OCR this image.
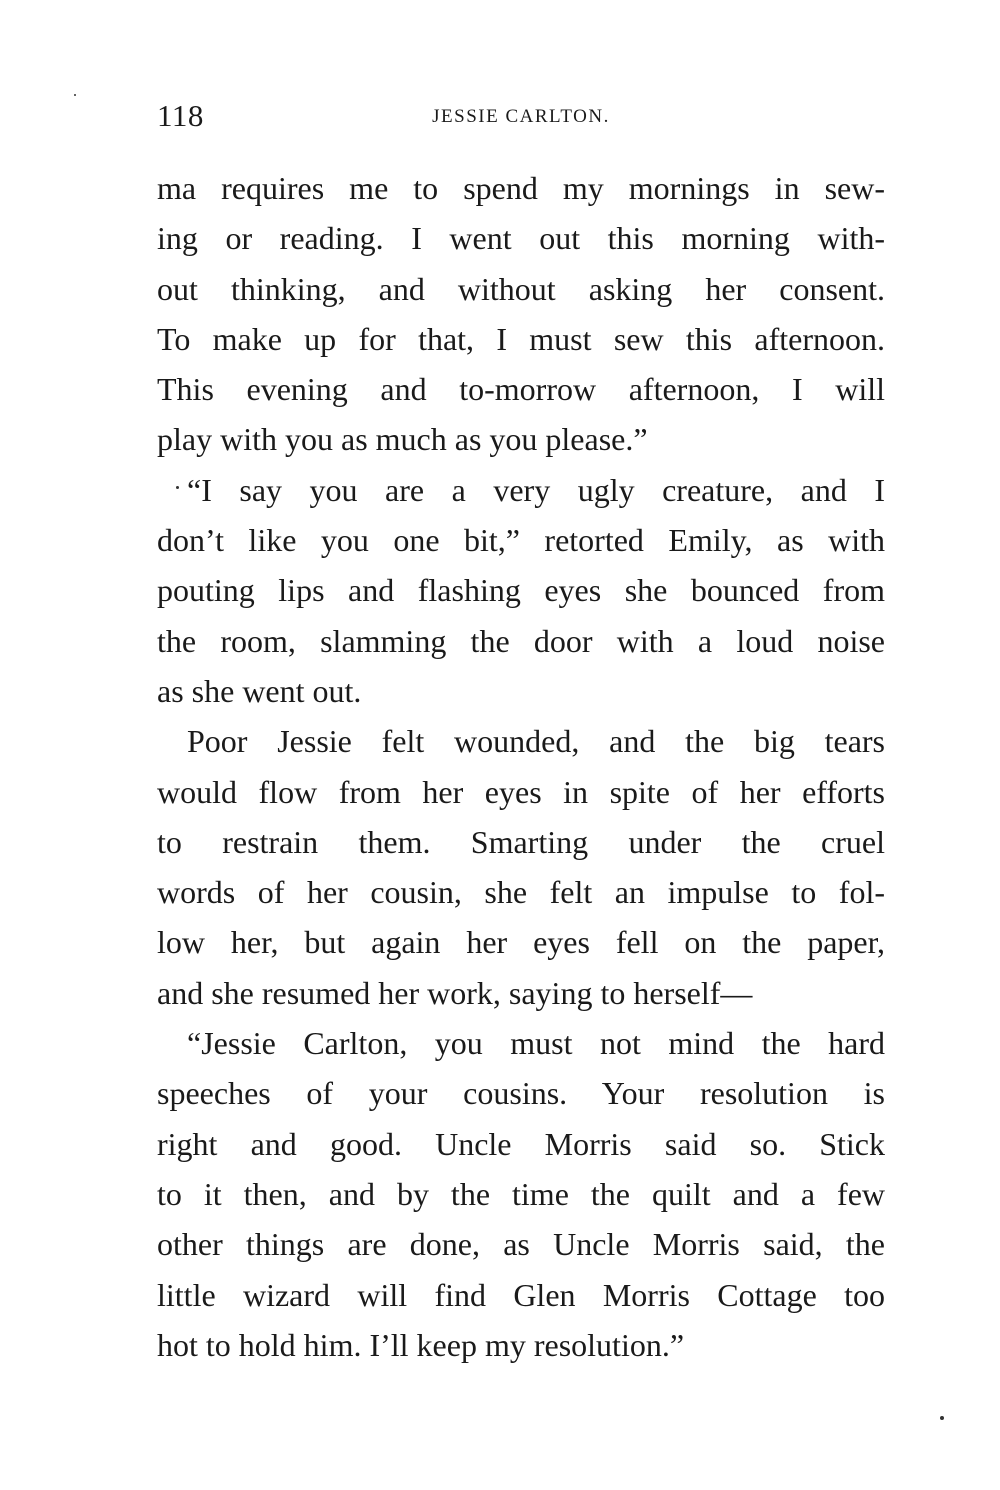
118	JESSIE CARLTON.

ma requires me to spend my mornings in sew-
ing or reading. I went out this morning with-
out thinking, and without asking her consent.
To make up for that, I must sew this afternoon.
This evening and to-morrow afternoon, I will
play with you as much as you please.”

“I say you are a very ugly creature, and I
don’t like you one bit,” retorted Emily, as with
pouting lips and flashing eyes she bounced from
the room, slamming the door with a loud noise
as she went out.

Poor Jessie felt wounded, and the big tears
would flow from her eyes in spite of her efforts
to restrain them. Smarting under the cruel
words of her cousin, she felt an impulse to fol-
low her, but again her eyes fell on the paper,
and she resumed her work, saying to herself—

“Jessie Carlton, you must not mind the hard
speeches of your cousins. Your resolution is
right and good. Uncle Morris said so. Stick
to it then, and by the time the quilt and a few
other things are done, as Uncle Morris said, the
little wizard will find Glen Morris Cottage too
hot to hold him. I’ll keep my resolution.”
